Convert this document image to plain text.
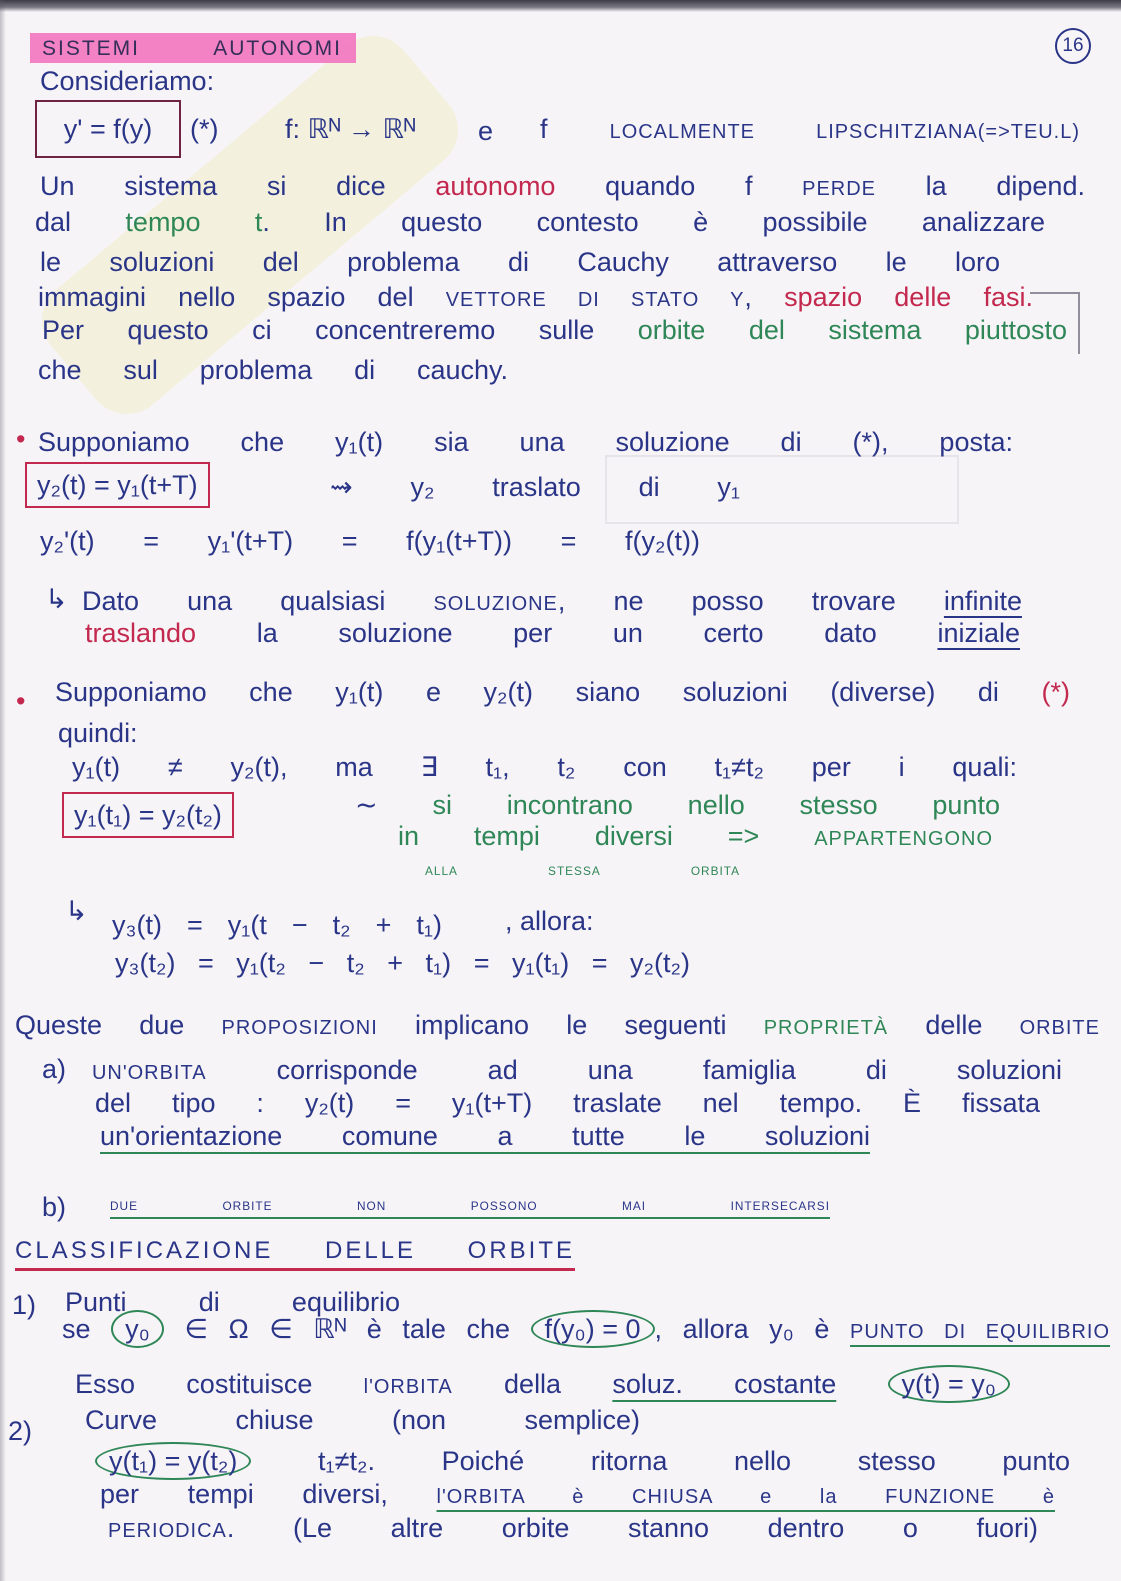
SISTEMI AUTONOMI	16
Consideriamo:
y' = f(y)	(*) f: ℝᴺ → ℝᴺ e f	LOCALMENTE LIPSCHITZIANA(=>TEU.L)
Un sistema si dice autonomo quando f PERDE la dipend.
dal tempo t. In questo contesto è possibile analizzare
le soluzioni del problema di Cauchy attraverso le loro
immagini nello spazio del VETTORE DI STATO Y, spazio delle fasi.
Per questo ci concentreremo sulle orbite del sistema piuttosto
che sul problema di cauchy.
• Supponiamo che y₁(t) sia una soluzione di (*), posta:
y₂(t) = y₁(t+T)	⇝ y₂ traslato di y₁
y₂'(t) = y₁'(t+T) = f(y₁(t+T)) = f(y₂(t))
↳ Dato una qualsiasi SOLUZIONE, ne posso trovare infinite
traslando la soluzione per un certo dato iniziale
• Supponiamo che y₁(t) e y₂(t) siano soluzioni (diverse) di (*)
quindi:
y₁(t) ≠ y₂(t), ma ∃ t₁, t₂ con t₁≠t₂ per i quali:
y₁(t₁) = y₂(t₂)	∼ si incontrano nello stesso punto
in tempi diversi =>	APPARTENGONO
ALLA STESSA ORBITA
↳ y₃(t) = y₁(t − t₂ + t₁) , allora:
y₃(t₂) = y₁(t₂ − t₂ + t₁) = y₁(t₁) = y₂(t₂)
Queste due PROPOSIZIONI implicano le seguenti PROPRIETÀ delle ORBITE
a) UN'ORBITA	corrisponde ad una famiglia di soluzioni
del tipo : y₂(t) = y₁(t+T) traslate nel tempo. È fissata
un'orientazione comune a tutte le soluzioni
b)	DUE ORBITE NON POSSONO MAI INTERSECARSI
CLASSIFICAZIONE DELLE ORBITE
1) Punti di equilibrio
se y₀ ∈ Ω ∈ ℝᴺ è tale che f(y₀) = 0 , allora y₀ è PUNTO DI EQUILIBRIO
Esso costituisce	l'ORBITA della soluz. costante y(t) = y₀
2) Curve chiuse	(non semplice)
y(t₁) = y(t₂)	t₁≠t₂. Poiché ritorna nello stesso punto
per tempi diversi, l'ORBITA è CHIUSA e la FUNZIONE è
PERIODICA. (Le altre orbite stanno dentro o fuori)
